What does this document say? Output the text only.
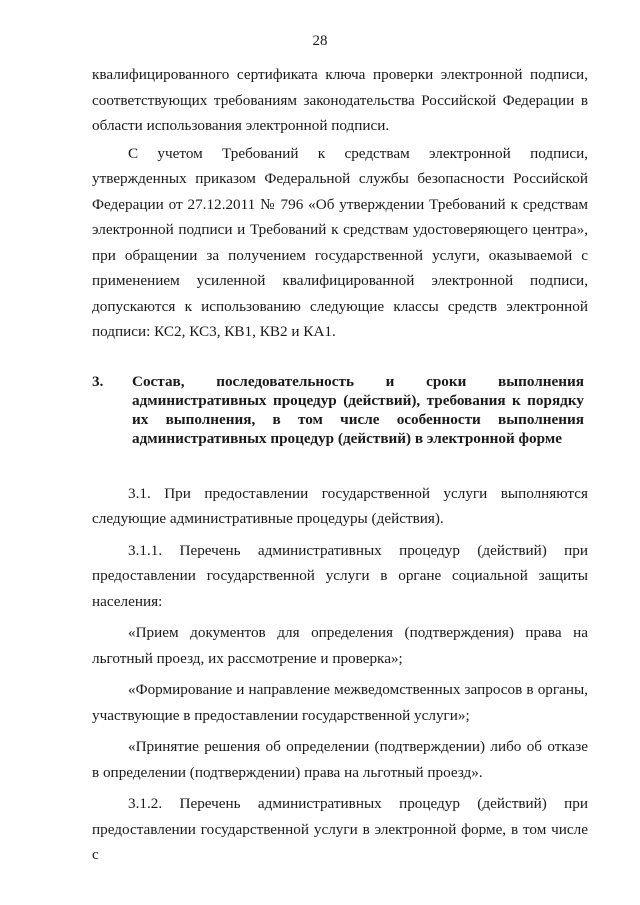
28

квалифицированного сертификата ключа проверки электронной подписи, соответствующих требованиям законодательства Российской Федерации в области использования электронной подписи.

С учетом Требований к средствам электронной подписи, утвержденных приказом Федеральной службы безопасности Российской Федерации от 27.12.2011 № 796 «Об утверждении Требований к средствам электронной подписи и Требований к средствам удостоверяющего центра», при обращении за получением государственной услуги, оказываемой с применением усиленной квалифицированной электронной подписи, допускаются к использованию следующие классы средств электронной подписи: КС2, КС3, КВ1, КВ2 и КА1.

3.	Состав, последовательность и сроки выполнения административных процедур (действий), требования к порядку их выполнения, в том числе особенности выполнения административных процедур (действий) в электронной форме

3.1. При предоставлении государственной услуги выполняются следующие административные процедуры (действия).

3.1.1. Перечень административных процедур (действий) при предоставлении государственной услуги в органе социальной защиты населения:

«Прием документов для определения (подтверждения) права на льготный проезд, их рассмотрение и проверка»;

«Формирование и направление межведомственных запросов в органы, участвующие в предоставлении государственной услуги»;

«Принятие решения об определении (подтверждении) либо об отказе в определении (подтверждении) права на льготный проезд».

3.1.2. Перечень административных процедур (действий) при предоставлении государственной услуги в электронной форме, в том числе с
